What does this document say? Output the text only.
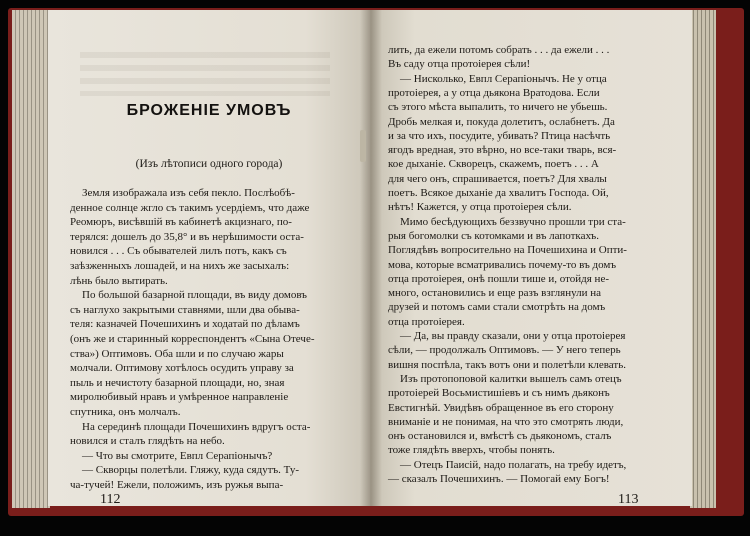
БРОЖЕНІЕ УМОВЪ
(Изъ лѣтописи одного города)

Земля изображала изъ себя пекло. Послѣобѣ-

денное солнце жгло съ такимъ усердіемъ, что даже

Реомюръ, висѣвшій въ кабинетѣ акцизнаго, по-

терялся: дошелъ до 35,8° и въ нерѣшимости оста-

новился . . . Съ обывателей лилъ потъ, какъ съ

заѣзженныхъ лошадей, и на нихъ же засыхалъ:

лѣнь было вытирать.

По большой базарной площади, въ виду домовъ

съ наглухо закрытыми ставнями, шли два обыва-

теля: казначей Почешихинъ и ходатай по дѣламъ

(онъ же и старинный корреспондентъ «Сына Отече-

ства») Оптимовъ. Оба шли и по случаю жары

молчали. Оптимову хотѣлось осудить управу за

пыль и нечистоту базарной площади, но, зная

миролюбивый нравъ и умѣренное направленіе

спутника, онъ молчалъ.

На серединѣ площади Почешихинъ вдругъ оста-

новился и сталъ глядѣть на небо.

— Что вы смотрите, Евпл Серапіонычъ?

— Скворцы полетѣли. Гляжу, куда сядутъ. Ту-

ча-тучей! Ежели, положимъ, изъ ружья выпа-

112

лить, да ежели потомъ собрать . . . да ежели . . .

Въ саду отца протоіерея сѣли!

— Нисколько, Евпл Серапіонычъ. Не у отца

протоіерея, а у отца дьякона Вратодова. Если

съ этого мѣста выпалить, то ничего не убьешь.

Дробь мелкая и, покуда долетитъ, ослабнетъ. Да

и за что ихъ, посудите, убивать? Птица насѣчть

ягодъ вредная, это вѣрно, но все-таки тварь, вся-

кое дыханіе. Скворецъ, скажемъ, поетъ . . . А

для чего онъ, спрашивается, поетъ? Для хвалы

поетъ. Всякое дыханіе да хвалитъ Господа. Ой,

нѣтъ! Кажется, у отца протоіерея сѣли.

Мимо бесѣдующихъ беззвучно прошли три ста-

рыя богомолки съ котомками и въ лапоткахъ.

Поглядѣвъ вопросительно на Почешихина и Опти-

мова, которые всматривались почему-то въ домъ

отца протоіерея, онѣ пошли тише и, отойдя не-

много, остановились и еще разъ взглянули на

друзей и потомъ сами стали смотрѣть на домъ

отца протоіерея.

— Да, вы правду сказали, они у отца протоіерея

сѣли, — продолжалъ Оптимовъ. — У него теперь

вишня поспѣла, такъ вотъ они и полетѣли клевать.

Изъ протопоповой калитки вышелъ самъ отецъ

протоіерей Восьмистишіевъ и съ нимъ дьяконъ

Евстигнѣй. Увидѣвъ обращенное въ его сторону

вниманіе и не понимая, на что это смотрять люди,

онъ остановился и, вмѣстѣ съ дьякономъ, сталъ

тоже глядѣть вверхъ, чтобы понять.

— Отецъ Паисій, надо полагать, на требу идетъ,

— сказалъ Почешихинъ. — Помогай ему Богъ!

113
